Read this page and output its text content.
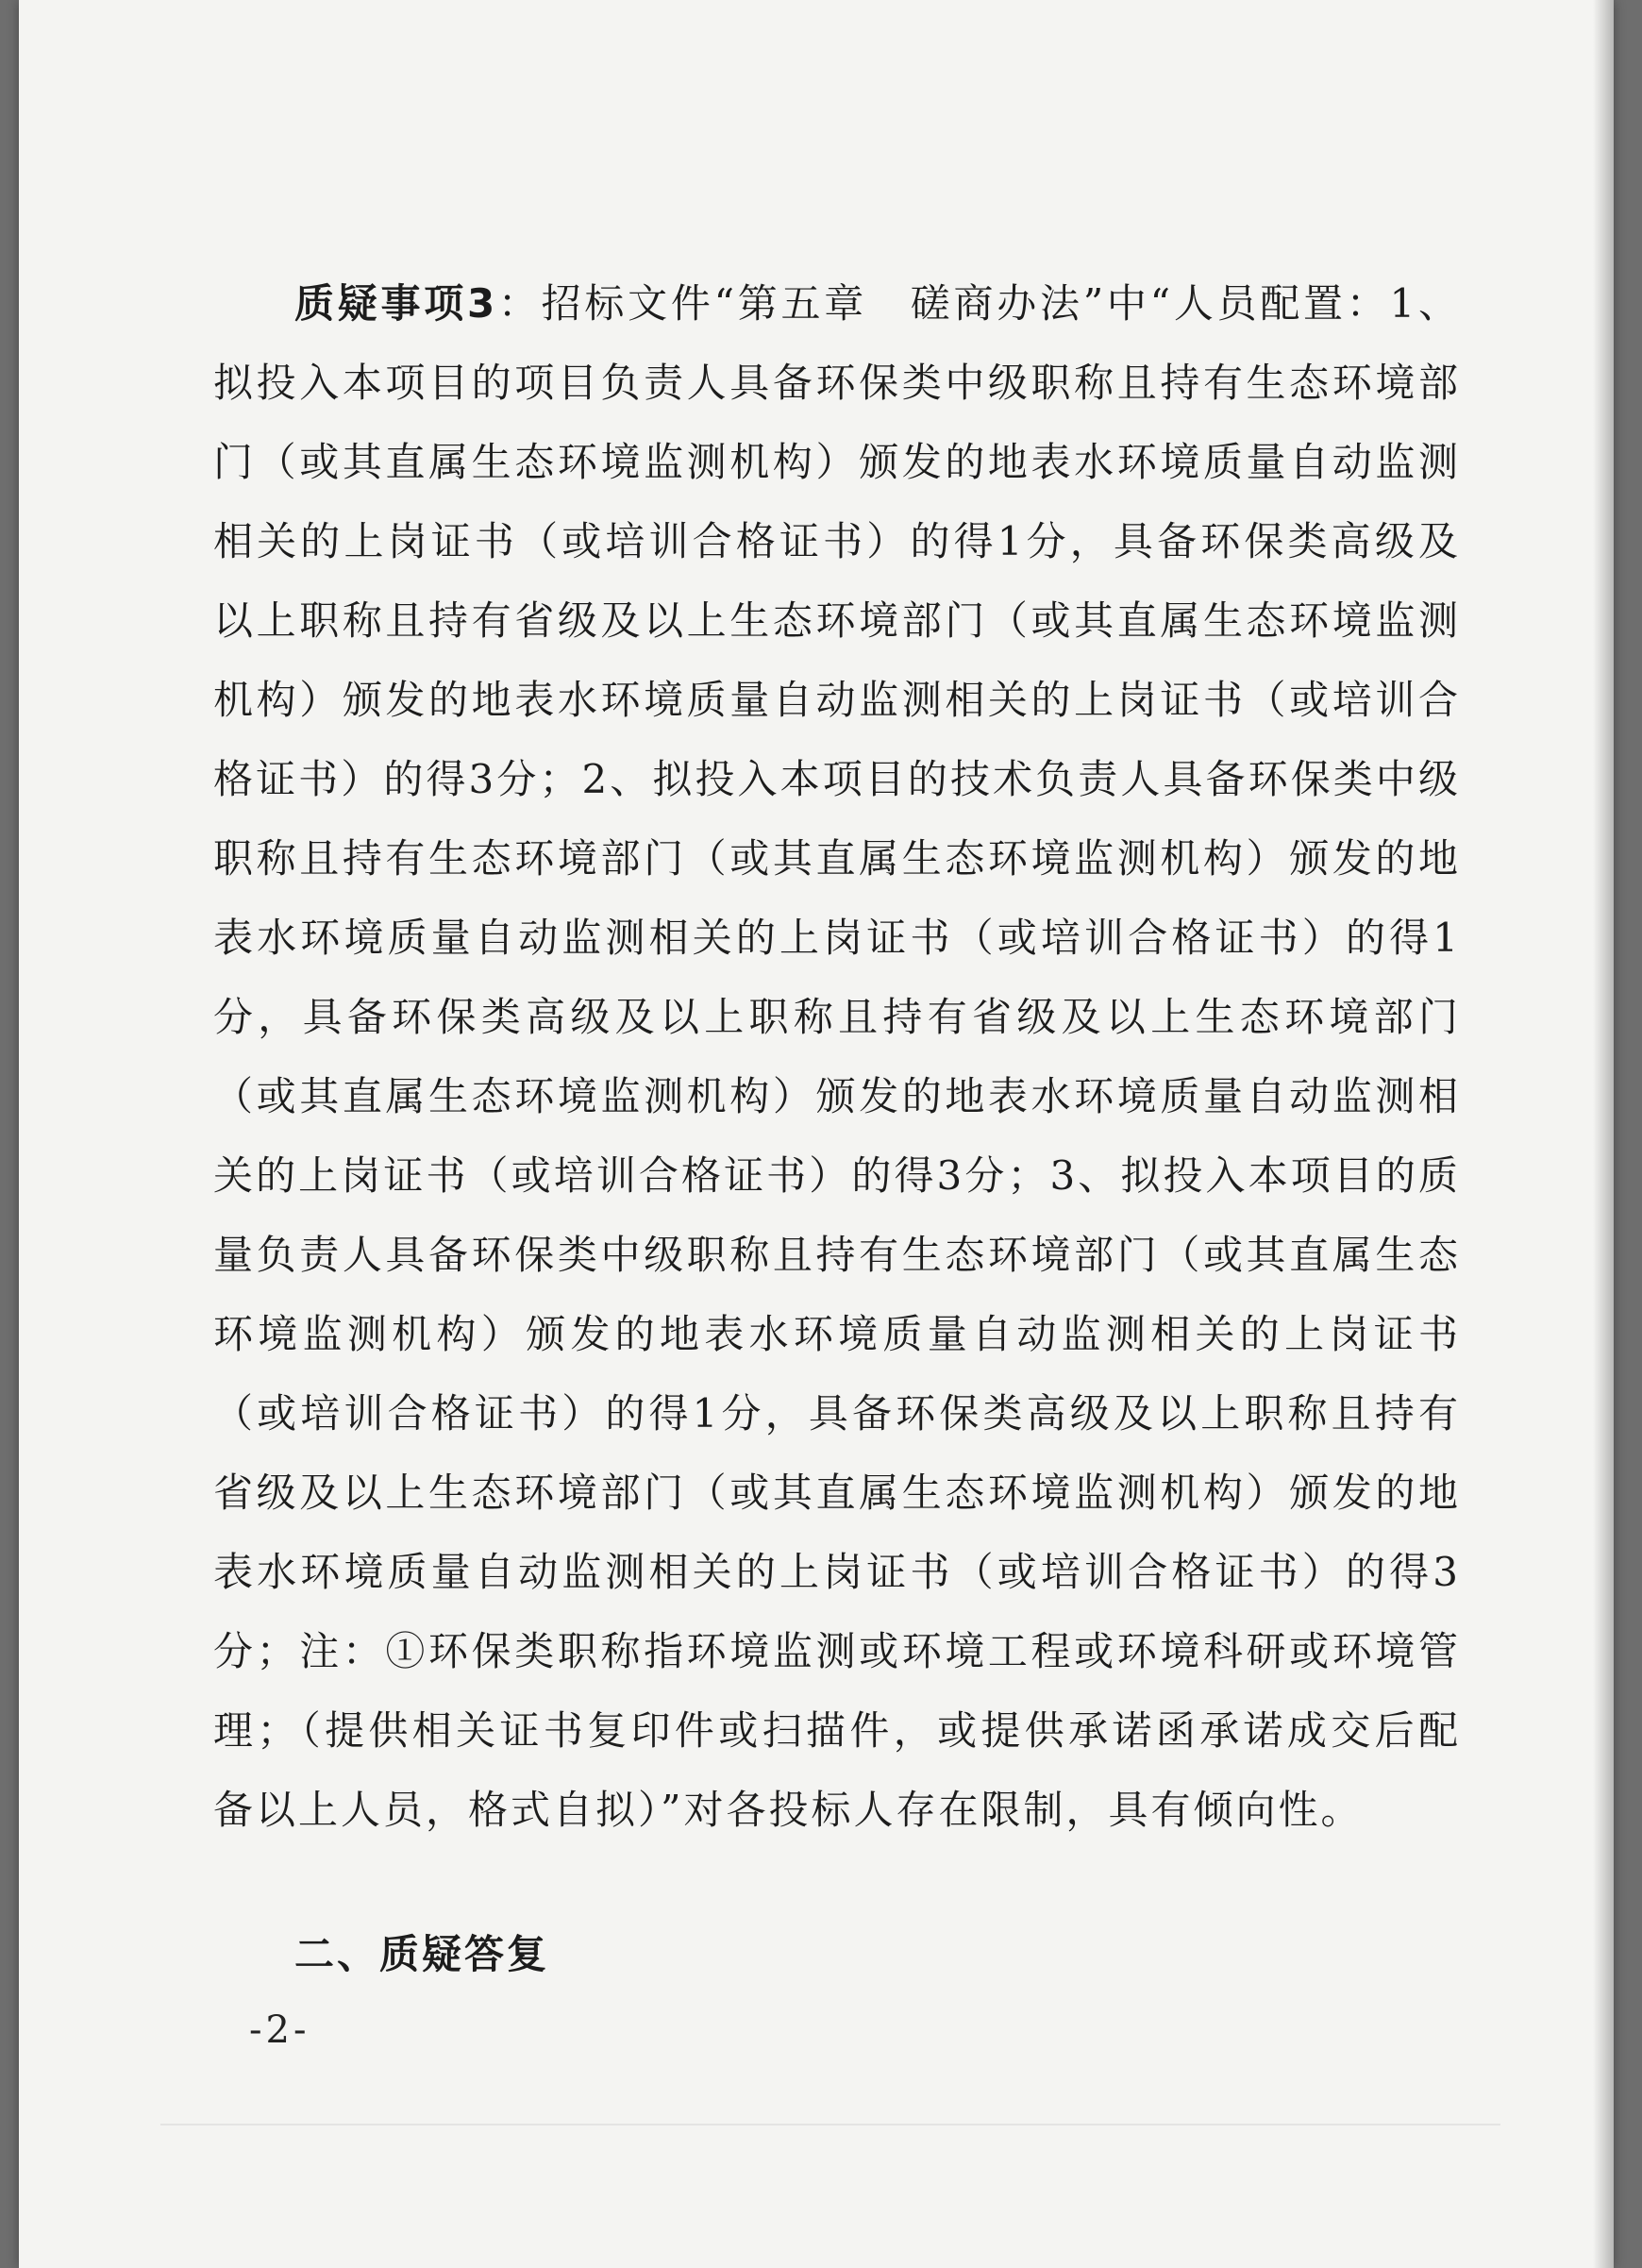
质疑事项3：招标文件“第五章　磋商办法”中“人员配置：1、拟投入本项目的项目负责人具备环保类中级职称且持有生态环境部门（或其直属生态环境监测机构）颁发的地表水环境质量自动监测相关的上岗证书（或培训合格证书）的得1分，具备环保类高级及以上职称且持有省级及以上生态环境部门（或其直属生态环境监测机构）颁发的地表水环境质量自动监测相关的上岗证书（或培训合格证书）的得3分；2、拟投入本项目的技术负责人具备环保类中级职称且持有生态环境部门（或其直属生态环境监测机构）颁发的地表水环境质量自动监测相关的上岗证书（或培训合格证书）的得1分，具备环保类高级及以上职称且持有省级及以上生态环境部门（或其直属生态环境监测机构）颁发的地表水环境质量自动监测相关的上岗证书（或培训合格证书）的得3分；3、拟投入本项目的质量负责人具备环保类中级职称且持有生态环境部门（或其直属生态环境监测机构）颁发的地表水环境质量自动监测相关的上岗证书（或培训合格证书）的得1分，具备环保类高级及以上职称且持有省级及以上生态环境部门（或其直属生态环境监测机构）颁发的地表水环境质量自动监测相关的上岗证书（或培训合格证书）的得3分；注：①环保类职称指环境监测或环境工程或环境科研或环境管理；（提供相关证书复印件或扫描件，或提供承诺函承诺成交后配备以上人员，格式自拟）”对各投标人存在限制，具有倾向性。
二、质疑答复
-2-
